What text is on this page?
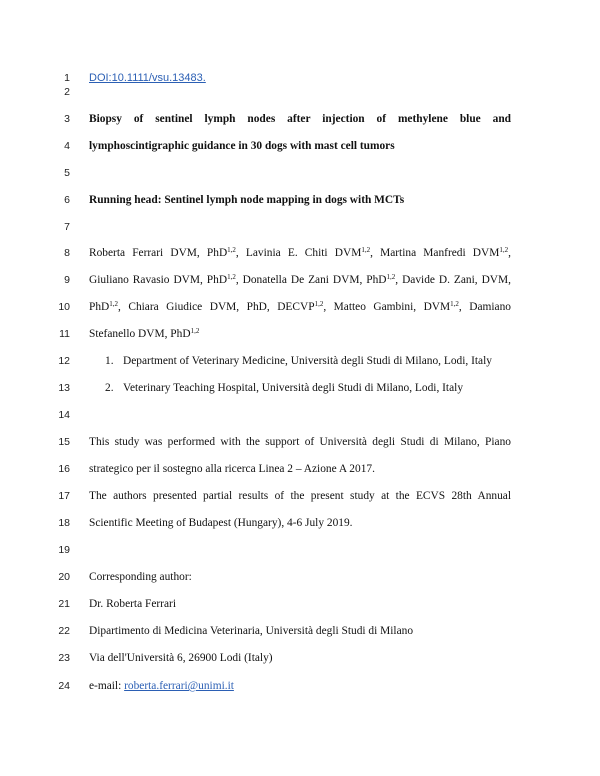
1 DOI:10.1111/vsu.13483.
2
3 Biopsy of sentinel lymph nodes after injection of methylene blue and
4 lymphoscintigraphic guidance in 30 dogs with mast cell tumors
5
6 Running head: Sentinel lymph node mapping in dogs with MCTs
7
8 Roberta Ferrari DVM, PhD$^{1,2}$, Lavinia E. Chiti DVM$^{1,2}$, Martina Manfredi DVM$^{1,2}$,
9 Giuliano Ravasio DVM, PhD$^{1,2}$, Donatella De Zani DVM, PhD$^{1,2}$, Davide D. Zani, DVM,
10 PhD$^{1,2}$, Chiara Giudice DVM, PhD, DECVP$^{1,2}$, Matteo Gambini, DVM$^{1,2}$, Damiano
11 Stefanello DVM, PhD$^{1,2}$
12	1. Department of Veterinary Medicine, Università degli Studi di Milano, Lodi, Italy
13	2. Veterinary Teaching Hospital, Università degli Studi di Milano, Lodi, Italy
14
15 This study was performed with the support of Università degli Studi di Milano, Piano
16 strategico per il sostegno alla ricerca Linea 2 – Azione A 2017.
17 The authors presented partial results of the present study at the ECVS 28th Annual
18 Scientific Meeting of Budapest (Hungary), 4-6 July 2019.
19
20 Corresponding author:
21 Dr. Roberta Ferrari
22 Dipartimento di Medicina Veterinaria, Università degli Studi di Milano
23 Via dell'Università 6, 26900 Lodi (Italy)
24 e-mail: roberta.ferrari@unimi.it
